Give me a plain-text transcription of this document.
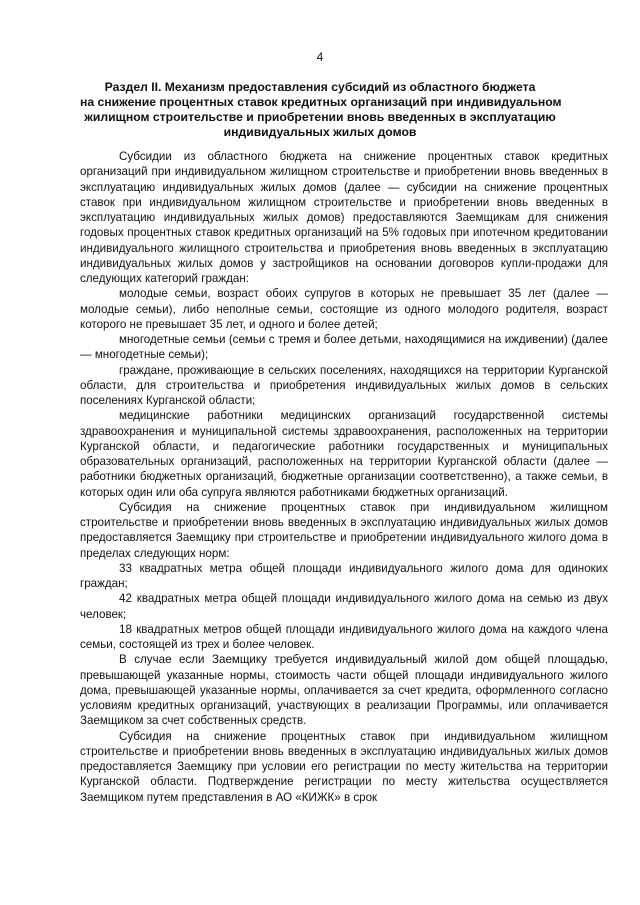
4
Раздел II. Механизм предоставления субсидий из областного бюджета
на снижение процентных ставок кредитных организаций при индивидуальном
жилищном строительстве и приобретении вновь введенных в эксплуатацию
индивидуальных жилых домов

Субсидии из областного бюджета на снижение процентных ставок кредитных организаций при индивидуальном жилищном строительстве и приобретении вновь введенных в эксплуатацию индивидуальных жилых домов (далее — субсидии на снижение процентных ставок при индивидуальном жилищном строительстве и приобретении вновь введенных в эксплуатацию индивидуальных жилых домов) предоставляются Заемщикам для снижения годовых процентных ставок кредитных организаций на 5% годовых при ипотечном кредитовании индивидуального жилищного строительства и приобретения вновь введенных в эксплуатацию индивидуальных жилых домов у застройщиков на основании договоров купли-продажи для следующих категорий граждан:

молодые семьи, возраст обоих супругов в которых не превышает 35 лет (далее — молодые семьи), либо неполные семьи, состоящие из одного молодого родителя, возраст которого не превышает 35 лет, и одного и более детей;

многодетные семьи (семьи с тремя и более детьми, находящимися на иждивении) (далее — многодетные семьи);

граждане, проживающие в сельских поселениях, находящихся на территории Курганской области, для строительства и приобретения индивидуальных жилых домов в сельских поселениях Курганской области;

медицинские работники медицинских организаций государственной системы здравоохранения и муниципальной системы здравоохранения, расположенных на территории Курганской области, и педагогические работники государственных и муниципальных образовательных организаций, расположенных на территории Курганской области (далее — работники бюджетных организаций, бюджетные организации соответственно), а также семьи, в которых один или оба супруга являются работниками бюджетных организаций.

Субсидия на снижение процентных ставок при индивидуальном жилищном строительстве и приобретении вновь введенных в эксплуатацию индивидуальных жилых домов предоставляется Заемщику при строительстве и приобретении индивидуального жилого дома в пределах следующих норм:

33 квадратных метра общей площади индивидуального жилого дома для одиноких граждан;

42 квадратных метра общей площади индивидуального жилого дома на семью из двух человек;

18 квадратных метров общей площади индивидуального жилого дома на каждого члена семьи, состоящей из трех и более человек.

В случае если Заемщику требуется индивидуальный жилой дом общей площадью, превышающей указанные нормы, стоимость части общей площади индивидуального жилого дома, превышающей указанные нормы, оплачивается за счет кредита, оформленного согласно условиям кредитных организаций, участвующих в реализации Программы, или оплачивается Заемщиком за счет собственных средств.

Субсидия на снижение процентных ставок при индивидуальном жилищном строительстве и приобретении вновь введенных в эксплуатацию индивидуальных жилых домов предоставляется Заемщику при условии его регистрации по месту жительства на территории Курганской области. Подтверждение регистрации по месту жительства осуществляется Заемщиком путем представления в АО «КИЖК» в срок
